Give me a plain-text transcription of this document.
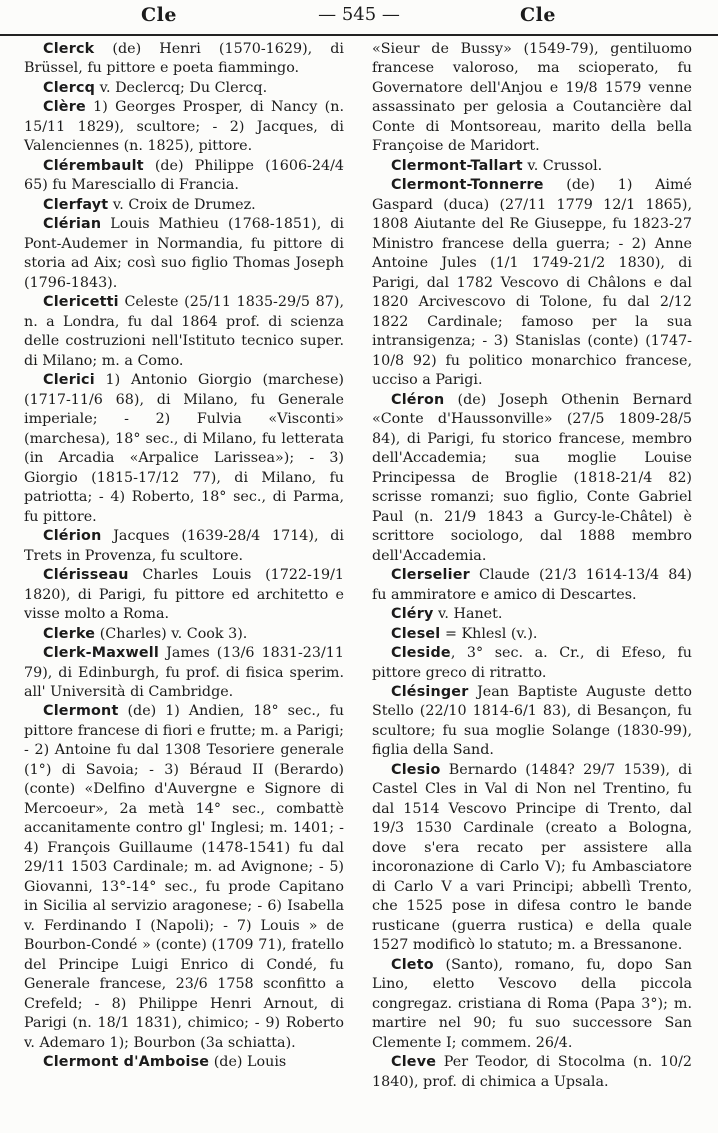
Cle	— 545 —	Cle

Clerck (de) Henri (1570-1629), di Brüssel, fu pittore e poeta fiammingo.

Clercq v. Declercq; Du Clercq.

Clère 1) Georges Prosper, di Nancy (n. 15/11 1829), scultore; - 2) Jacques, di Valenciennes (n. 1825), pittore.

Clérembault (de) Philippe (1606-24/4 65) fu Maresciallo di Francia.

Clerfayt v. Croix de Drumez.

Clérian Louis Mathieu (1768-1851), di Pont-Audemer in Normandia, fu pittore di storia ad Aix; così suo figlio Thomas Joseph (1796-1843).

Clericetti Celeste (25/11 1835-29/5 87), n. a Londra, fu dal 1864 prof. di scienza delle costruzioni nell'Istituto tecnico super. di Milano; m. a Como.

Clerici 1) Antonio Giorgio (marchese) (1717-11/6 68), di Milano, fu Generale imperiale; - 2) Fulvia «Visconti» (marchesa), 18° sec., di Milano, fu letterata (in Arcadia «Arpalice Larissea»); - 3) Giorgio (1815-17/12 77), di Milano, fu patriotta; - 4) Roberto, 18° sec., di Parma, fu pittore.

Clérion Jacques (1639-28/4 1714), di Trets in Provenza, fu scultore.

Clérisseau Charles Louis (1722-19/1 1820), di Parigi, fu pittore ed architetto e visse molto a Roma.

Clerke (Charles) v. Cook 3).

Clerk-Maxwell James (13/6 1831-23/11 79), di Edinburgh, fu prof. di fisica sperim. all' Università di Cambridge.

Clermont (de) 1) Andien, 18° sec., fu pittore francese di fiori e frutte; m. a Parigi; - 2) Antoine fu dal 1308 Tesoriere generale (1°) di Savoia; - 3) Béraud II (Berardo) (conte) «Delfino d'Auvergne e Signore di Mercoeur», 2a metà 14° sec., combattè accanitamente contro gl' Inglesi; m. 1401; - 4) François Guillaume (1478-1541) fu dal 29/11 1503 Cardinale; m. ad Avignone; - 5) Giovanni, 13°-14° sec., fu prode Capitano in Sicilia al servizio aragonese; - 6) Isabella v. Ferdinando I (Napoli); - 7) Louis » de Bourbon-Condé » (conte) (1709 71), fratello del Principe Luigi Enrico di Condé, fu Generale francese, 23/6 1758 sconfitto a Crefeld; - 8) Philippe Henri Arnout, di Parigi (n. 18/1 1831), chimico; - 9) Roberto v. Ademaro 1); Bourbon (3a schiatta).

Clermont d'Amboise (de) Louis

«Sieur de Bussy» (1549-79), gentiluomo francese valoroso, ma scioperato, fu Governatore dell'Anjou e 19/8 1579 venne assassinato per gelosia a Coutancière dal Conte di Montsoreau, marito della bella Françoise de Maridort.

Clermont-Tallart v. Crussol.

Clermont-Tonnerre (de) 1) Aimé Gaspard (duca) (27/11 1779 12/1 1865), 1808 Aiutante del Re Giuseppe, fu 1823-27 Ministro francese della guerra; - 2) Anne Antoine Jules (1/1 1749-21/2 1830), di Parigi, dal 1782 Vescovo di Châlons e dal 1820 Arcivescovo di Tolone, fu dal 2/12 1822 Cardinale; famoso per la sua intransigenza; - 3) Stanislas (conte) (1747-10/8 92) fu politico monarchico francese, ucciso a Parigi.

Cléron (de) Joseph Othenin Bernard «Conte d'Haussonville» (27/5 1809-28/5 84), di Parigi, fu storico francese, membro dell'Accademia; sua moglie Louise Principessa de Broglie (1818-21/4 82) scrisse romanzi; suo figlio, Conte Gabriel Paul (n. 21/9 1843 a Gurcy-le-Châtel) è scrittore sociologo, dal 1888 membro dell'Accademia.

Clerselier Claude (21/3 1614-13/4 84) fu ammiratore e amico di Descartes.

Cléry v. Hanet.

Clesel = Khlesl (v.).

Cleside, 3° sec. a. Cr., di Efeso, fu pittore greco di ritratto.

Clésinger Jean Baptiste Auguste detto Stello (22/10 1814-6/1 83), di Besançon, fu scultore; fu sua moglie Solange (1830-99), figlia della Sand.

Clesio Bernardo (1484? 29/7 1539), di Castel Cles in Val di Non nel Trentino, fu dal 1514 Vescovo Principe di Trento, dal 19/3 1530 Cardinale (creato a Bologna, dove s'era recato per assistere alla incoronazione di Carlo V); fu Ambasciatore di Carlo V a vari Principi; abbellì Trento, che 1525 pose in difesa contro le bande rusticane (guerra rustica) e della quale 1527 modificò lo statuto; m. a Bressanone.

Cleto (Santo), romano, fu, dopo San Lino, eletto Vescovo della piccola congregaz. cristiana di Roma (Papa 3°); m. martire nel 90; fu suo successore San Clemente I; commem. 26/4.

Cleve Per Teodor, di Stocolma (n. 10/2 1840), prof. di chimica a Upsala.
